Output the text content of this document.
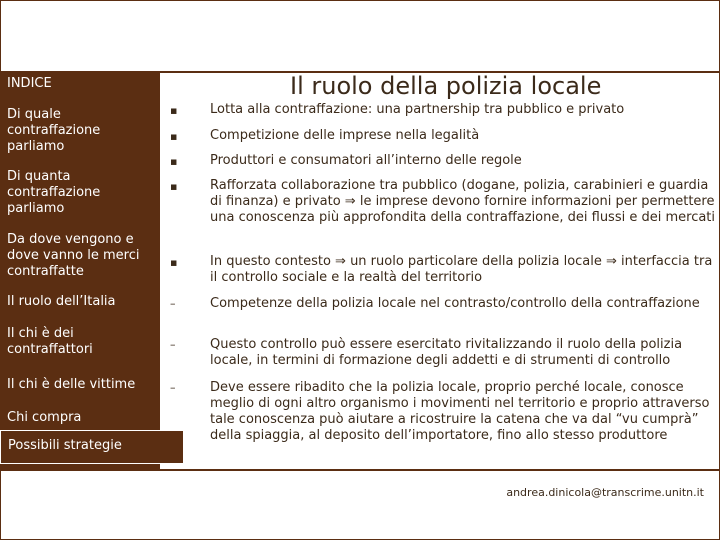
INDICE
Di quale contraffazione parliamo
Di quanta contraffazione parliamo
Da dove vengono e dove vanno le merci contraffatte
Il ruolo dell’Italia
Il chi è dei contraffattori
Il chi è delle vittime
Chi compra
Possibili strategie
Il ruolo della polizia locale
▪	Lotta alla contraffazione: una partnership tra pubblico e privato
▪	Competizione delle imprese nella legalità
▪	Produttori e consumatori all’interno delle regole
▪	Rafforzata collaborazione tra pubblico (dogane, polizia, carabinieri e guardia di finanza) e privato ⇒ le imprese devono fornire informazioni per permettere una conoscenza più approfondita della contraffazione, dei flussi e dei mercati
▪	In questo contesto ⇒ un ruolo particolare della polizia locale ⇒ interfaccia tra il controllo sociale e la realtà del territorio
–	Competenze della polizia locale nel contrasto/controllo della contraffazione
–	Questo controllo può essere esercitato rivitalizzando il ruolo della polizia locale, in termini di formazione degli addetti e di strumenti di controllo
–	Deve essere ribadito che la polizia locale, proprio perché locale, conosce meglio di ogni altro organismo i movimenti nel territorio e proprio attraverso tale conoscenza può aiutare a ricostruire la catena che va dal “vu cumprà” della spiaggia, al deposito dell’importatore, fino allo stesso produttore
andrea.dinicola@transcrime.unitn.it
